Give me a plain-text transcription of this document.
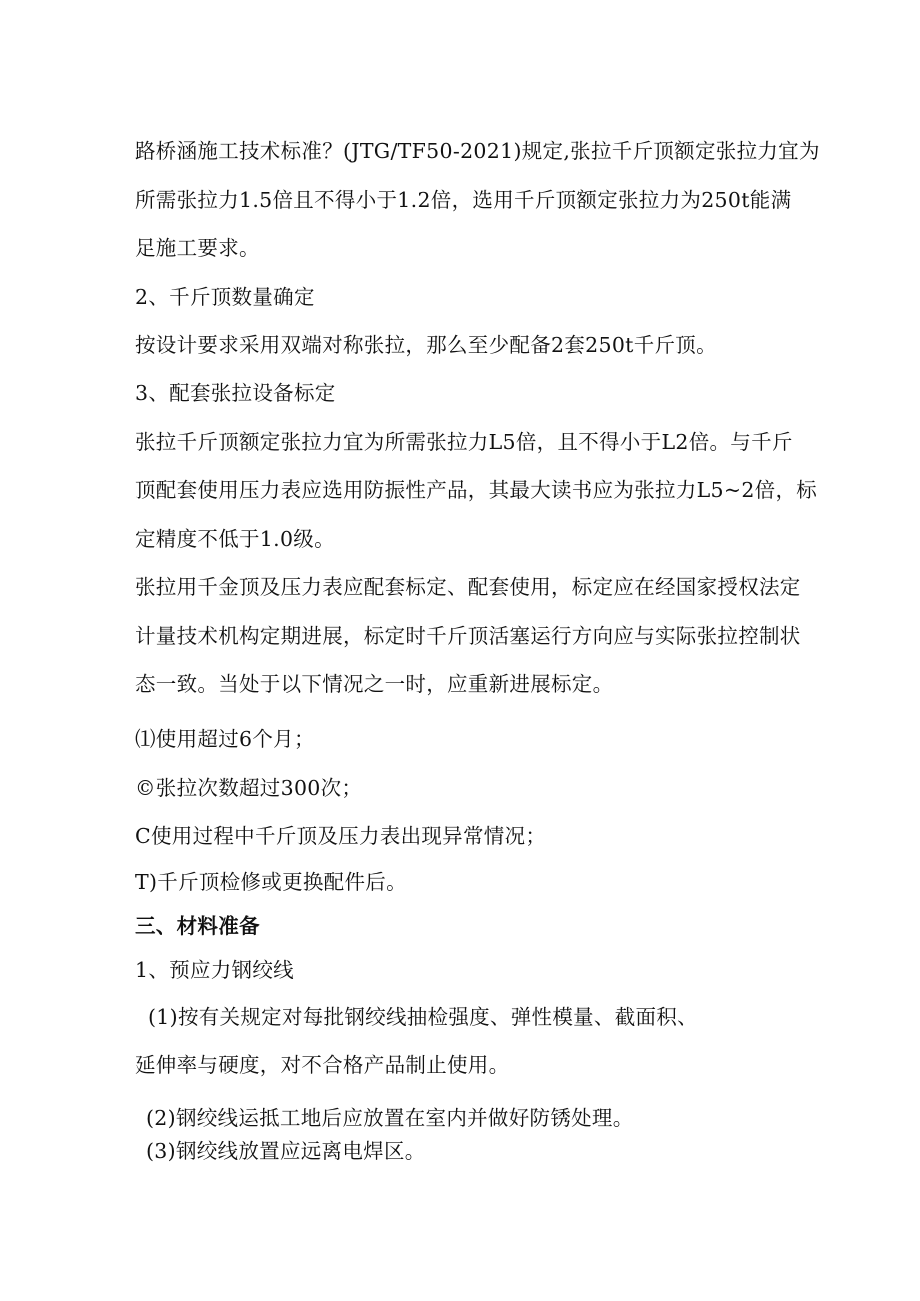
路桥涵施工技术标准？(JTG/TF50-2021)规定,张拉千斤顶额定张拉力宜为
所需张拉力1.5倍且不得小于1.2倍，选用千斤顶额定张拉力为250t能满
足施工要求。
2、千斤顶数量确定
按设计要求采用双端对称张拉，那么至少配备2套250t千斤顶。
3、配套张拉设备标定
张拉千斤顶额定张拉力宜为所需张拉力L5倍，且不得小于L2倍。与千斤
顶配套使用压力表应选用防振性产品，其最大读书应为张拉力L5~2倍，标
定精度不低于1.0级。
张拉用千金顶及压力表应配套标定、配套使用，标定应在经国家授权法定
计量技术机构定期进展，标定时千斤顶活塞运行方向应与实际张拉控制状
态一致。当处于以下情况之一时，应重新进展标定。
⑴使用超过6个月；
©张拉次数超过300次；
C使用过程中千斤顶及压力表出现异常情况；
T)千斤顶检修或更换配件后。
三、材料准备
1、预应力钢绞线
(1)按有关规定对每批钢绞线抽检强度、弹性模量、截面积、
延伸率与硬度，对不合格产品制止使用。
(2)钢绞线运抵工地后应放置在室内并做好防锈处理。
(3)钢绞线放置应远离电焊区。
